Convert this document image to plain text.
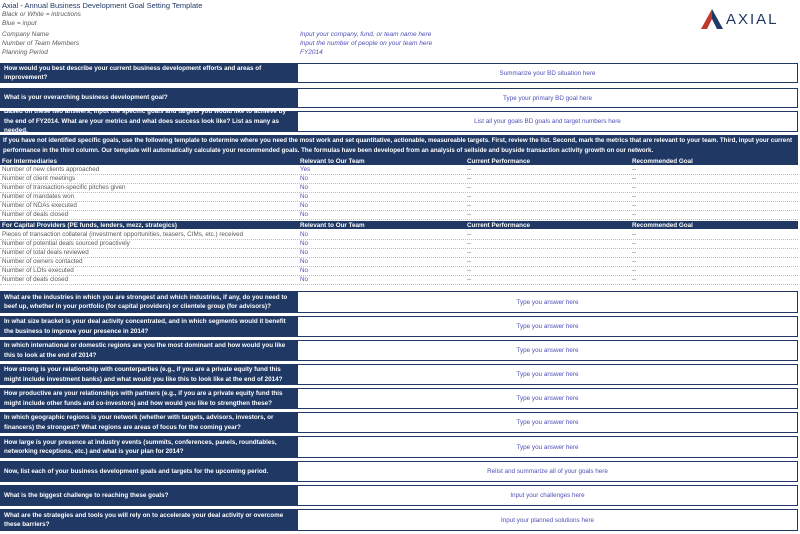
Axial - Annual Business Development Goal Setting Template
Black or White = intructions
Blue = input	AXIAL
Company Name	Input your company, fund, or team name here
Number of Team Members	Input the number of people on your team here
Planning Period	FY2014
How would you best describe your current business development efforts and areas of improvement?
Summarize your BD situation here
What is your overarching business development goal?	Type your primary BD goal here
Based on these two answers, input the specific goals and targets you would like to achieve by the end of FY2014. What are your metrics and what does success look like? List as many as needed.
List all your goals BD goals and target numbers here
If you have not identified specific goals, use the following template to determine where you need the most work and set quantitative, actionable, measureable targets. First, review the list. Second, mark the metrics that are relevant to your team. Third, input your current performance in the third column. Our template will automatically calculate your recommended goals. The formulas have been developed from an analysis of sellside and buyside transaction activity growth on our network.
For Intermediaries	Relevant to Our Team	Current Performance	Recommended Goal
Number of new clients approached	Yes	--	--
Number of client meetings	No	--	--
Number of transaction-specific pitches given	No	--	--
Number of mandates won	No	--	--
Number of NDAs executed	No	--	--
Number of deals closed	No	--	--
For Capital Providers (PE funds, lenders, mezz, strategics)	Relevant to Our Team	Current Performance	Recommended Goal
Pieces of transaction collateral (investment opportunities, teasers, CIMs, etc.) received	No	--	--
Number of potential deals sourced proactively	No	--	--
Number of total deals reviewed	No	--	--
Number of owners contacted	No	--	--
Number of LOIs executed	No	--	--
Number of deals closed	No	--	--
What are the industries in which you are strongest and which industries, if any, do you need to beef up, whether in your portfolio (for capital providers) or clientele group (for advisors)?
Type you answer here
In what size bracket is your deal activity concentrated, and in which segments would it benefit the business to improve your presence in 2014?
Type you answer here
In which international or domestic regions are you the most dominant and how would you like this to look at the end of 2014?
Type you answer here
How strong is your relationship with counterparties (e.g., if you are a private equity fund this might include investment banks) and what would you like this to look like at the end of 2014?
Type you answer here
How productive are your relationships with partners (e.g., if you are a private equity fund this might include other funds and co-investors) and how would you like to strengthen these?
Type you answer here
In which geographic regions is your network (whether with targets, advisors, investors, or financers) the strongest? What regions are areas of focus for the coming year?
Type you answer here
How large is your presence at industry events (summits, conferences, panels, roundtables, networking receptions, etc.) and what is your plan for 2014?
Type you answer here
Now, list each of your business development goals and targets for the upcoming period.	Relist and summarize all of your goals here
What is the biggest challenge to reaching these goals?	Input your challenges here
What are the strategies and tools you will rely on to accelerate your deal activity or overcome these barriers?
Input your planned solutions here
